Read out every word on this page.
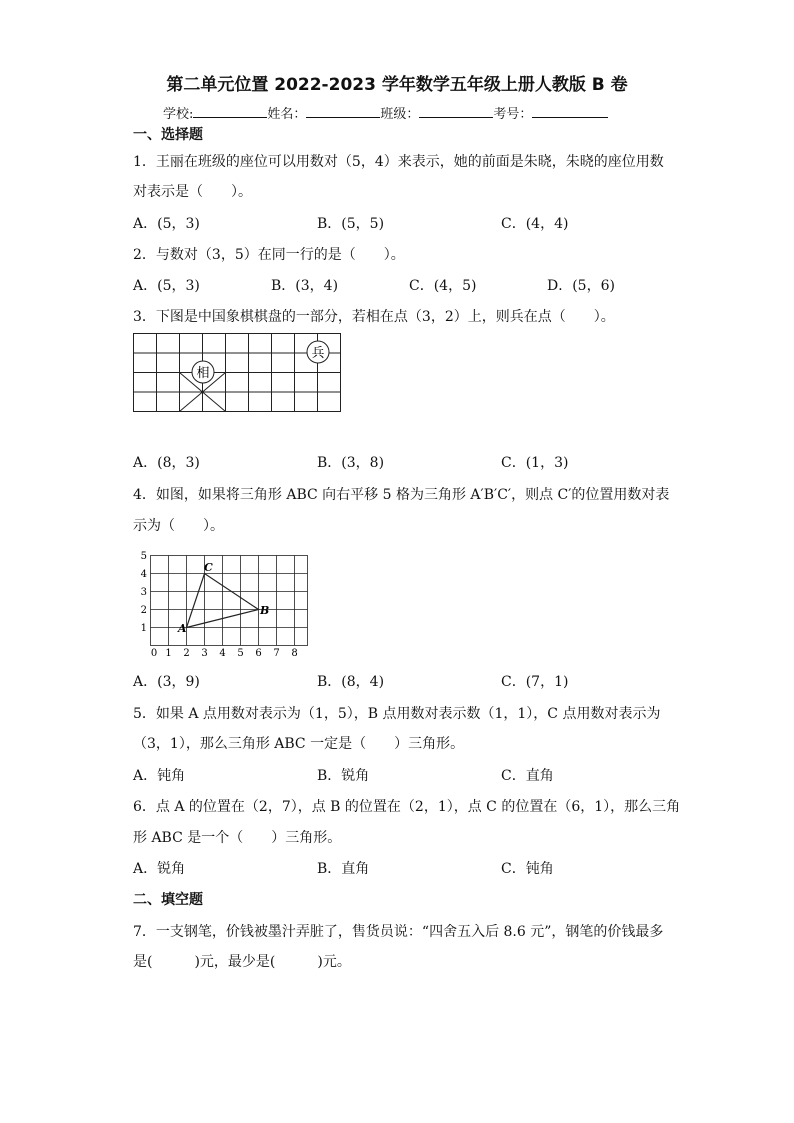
第二单元位置 2022-2023 学年数学五年级上册人教版 B 卷
学校:	姓名：	班级：	考号：
一、选择题
1．王丽在班级的座位可以用数对（5，4）来表示，她的前面是朱晓，朱晓的座位用数
对表示是（　　）。
A．(5，3)	B．(5，5)	C．(4，4)
2．与数对（3，5）在同一行的是（　　）。
A．(5，3)	B．(3，4)	C．(4，5)	D．(5，6)
3．下图是中国象棋棋盘的一部分，若相在点（3，2）上，则兵在点（　　）。
相
兵
A．(8，3)	B．(3，8)	C．(1，3)
4．如图，如果将三角形 ABC 向右平移 5 格为三角形 A′B′C′，则点 C′的位置用数对表
示为（　　）。
5
4
3
2
1
0 1 2 3 4 5 6 7 8
A
B
C
A．(3，9)	B．(8，4)	C．(7，1)
5．如果 A 点用数对表示为（1，5），B 点用数对表示数（1，1），C 点用数对表示为
（3，1），那么三角形 ABC 一定是（　　）三角形。
A．钝角	B．锐角	C．直角
6．点 A 的位置在（2，7），点 B 的位置在（2，1），点 C 的位置在（6，1），那么三角
形 ABC 是一个（　　）三角形。
A．锐角	B．直角	C．钝角
二、填空题
7．一支钢笔，价钱被墨汁弄脏了，售货员说：“四舍五入后 8.6 元”，钢笔的价钱最多
是(　　　)元，最少是(　　　)元。
